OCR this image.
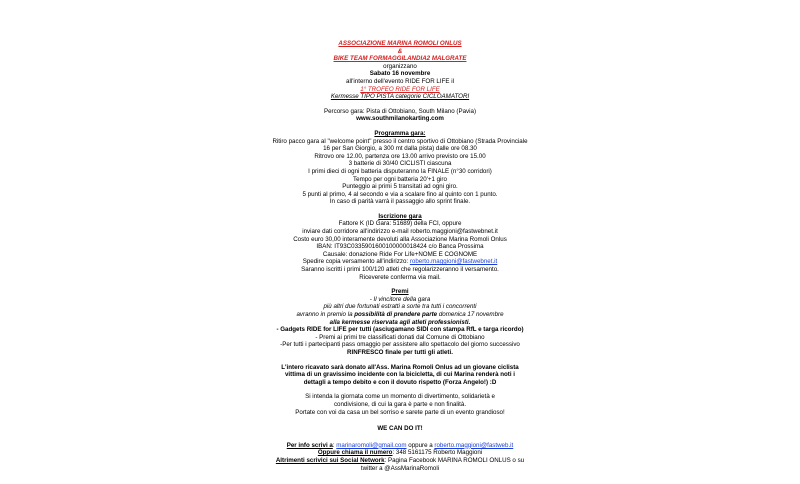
ASSOCIAZIONE MARINA ROMOLI ONLUS
&
BIKE TEAM FORMAGGILANDIA2 MALGRATE
organizzano
Sabato 16 novembre
all'interno dell'evento RIDE FOR LIFE il
1° TROFEO RIDE FOR LIFE
Kermesse TIPO PISTA categorie CICLOAMATORI
Percorso gara: Pista di Ottobiano, South Milano (Pavia)
www.southmilanokarting.com
Programma gara:
Ritiro pacco gara al "welcome point" presso il centro sportivo di Ottobiano (Strada Provinciale
16 per San Giorgio, a 300 mt dalla pista) dalle ore 08.30
Ritrovo ore 12.00, partenza ore 13.00 arrivo previsto ore 15.00
3 batterie di 30/40 CICLISTI ciascuna
I primi dieci di ogni batteria disputeranno la FINALE (n°30 corridori)
Tempo per ogni batteria 20'+1 giro
Punteggio ai primi 5 transitati ad ogni giro.
5 punti al primo, 4 al secondo e via a scalare fino al quinto con 1 punto.
In caso di parità varrà il passaggio allo sprint finale.
Iscrizione gara
Fattore K (ID Gara: 51689) della FCI, oppure
inviare dati corridore all'indirizzo e-mail roberto.maggioni@fastwebnet.it
Costo euro 30,00 interamente devoluti alla Associazione Marina Romoli Onlus
IBAN: IT93C0335901600100000018424 c/o Banca Prossima
Causale: donazione Ride For Life+NOME E COGNOME
Spedire copia versamento all'indirizzo: roberto.maggioni@fastwebnet.it
Saranno iscritti i primi 100/120 atleti che regolarizzeranno il versamento.
Riceverete conferma via mail.
Premi
- Il vincitore della gara
più altri due fortunati estratti a sorte tra tutti i concorrenti
avranno in premio la possibilità di prendere parte domenica 17 novembre
alla kermesse riservata agli atleti professionisti.
- Gadgets RIDE for LIFE per tutti (asciugamano SIDI con stampa RfL e targa ricordo)
- Premi ai primi tre classificati donati dal Comune di Ottobiano
-Per tutti i partecipanti pass omaggio per assistere allo spettacolo del giorno successivo
RINFRESCO finale per tutti gli atleti.
L'intero ricavato sarà donato all'Ass. Marina Romoli Onlus ad un giovane ciclista
vittima di un gravissimo incidente con la bicicletta, di cui Marina renderà noti i
dettagli a tempo debito e con il dovuto rispetto (Forza Angelo!) :D
Si intenda la giornata come un momento di divertimento, solidarietà e
condivisione, di cui la gara è parte e non finalità.
Portate con voi da casa un bel sorriso e sarete parte di un evento grandioso!
WE CAN DO IT!
Per info scrivi a: marinaromoli@gmail.com oppure a roberto.maggioni@fastweb.it
Oppure chiama il numero: 348 5161175 Roberto Maggioni
Altrimenti scrivici sui Social Network: Pagina Facebook MARINA ROMOLI ONLUS o su
twitter a @AssMarinaRomoli
